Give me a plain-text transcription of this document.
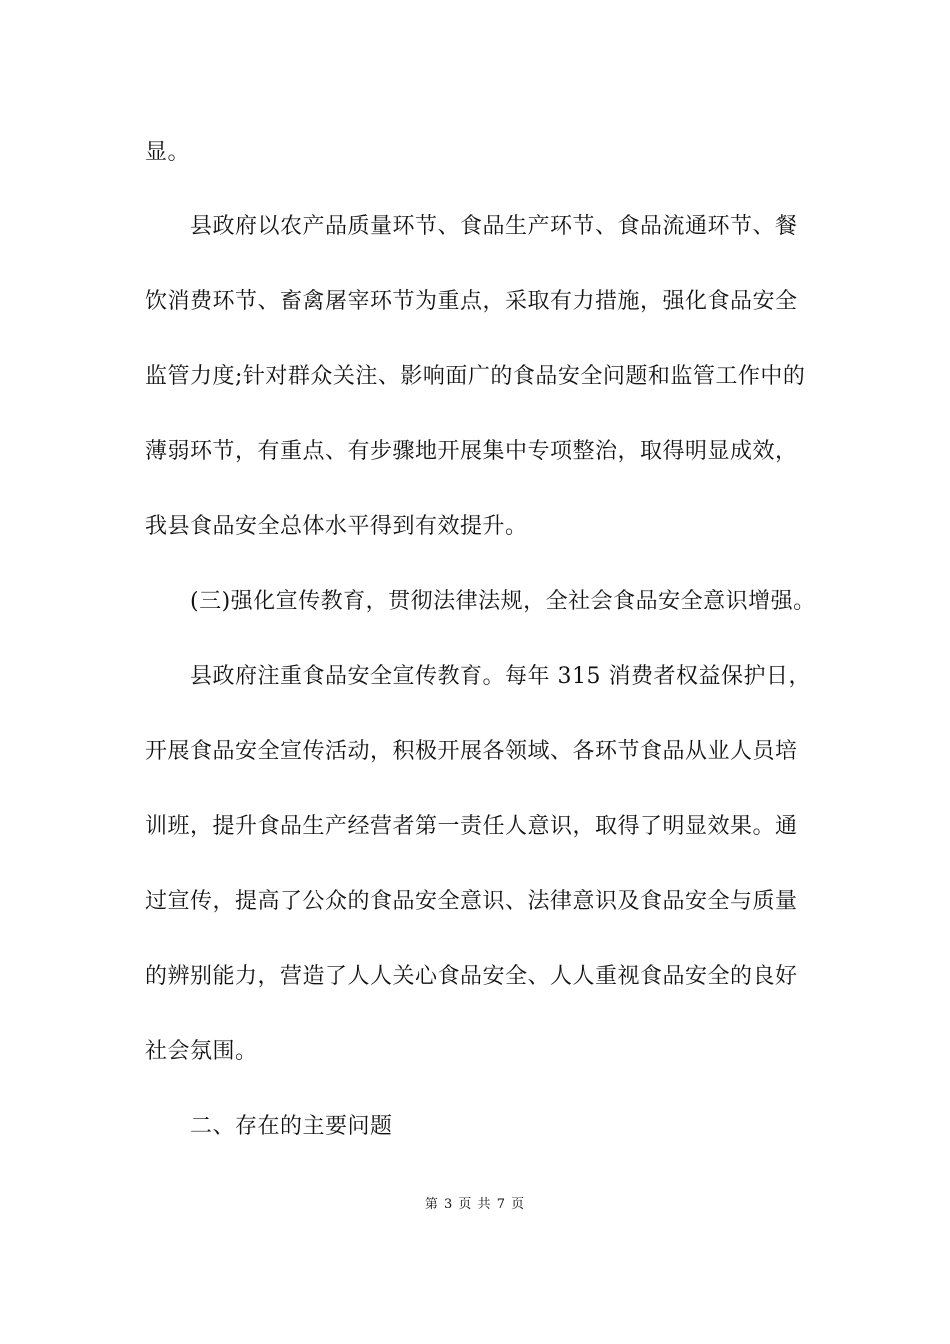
显。
县政府以农产品质量环节、食品生产环节、食品流通环节、餐
饮消费环节、畜禽屠宰环节为重点，采取有力措施，强化食品安全
监管力度;针对群众关注、影响面广的食品安全问题和监管工作中的
薄弱环节，有重点、有步骤地开展集中专项整治，取得明显成效，
我县食品安全总体水平得到有效提升。
(三)强化宣传教育，贯彻法律法规，全社会食品安全意识增强。
县政府注重食品安全宣传教育。每年 315 消费者权益保护日，
开展食品安全宣传活动，积极开展各领域、各环节食品从业人员培
训班，提升食品生产经营者第一责任人意识，取得了明显效果。通
过宣传，提高了公众的食品安全意识、法律意识及食品安全与质量
的辨别能力，营造了人人关心食品安全、人人重视食品安全的良好
社会氛围。
二、存在的主要问题
第 3 页 共 7 页
